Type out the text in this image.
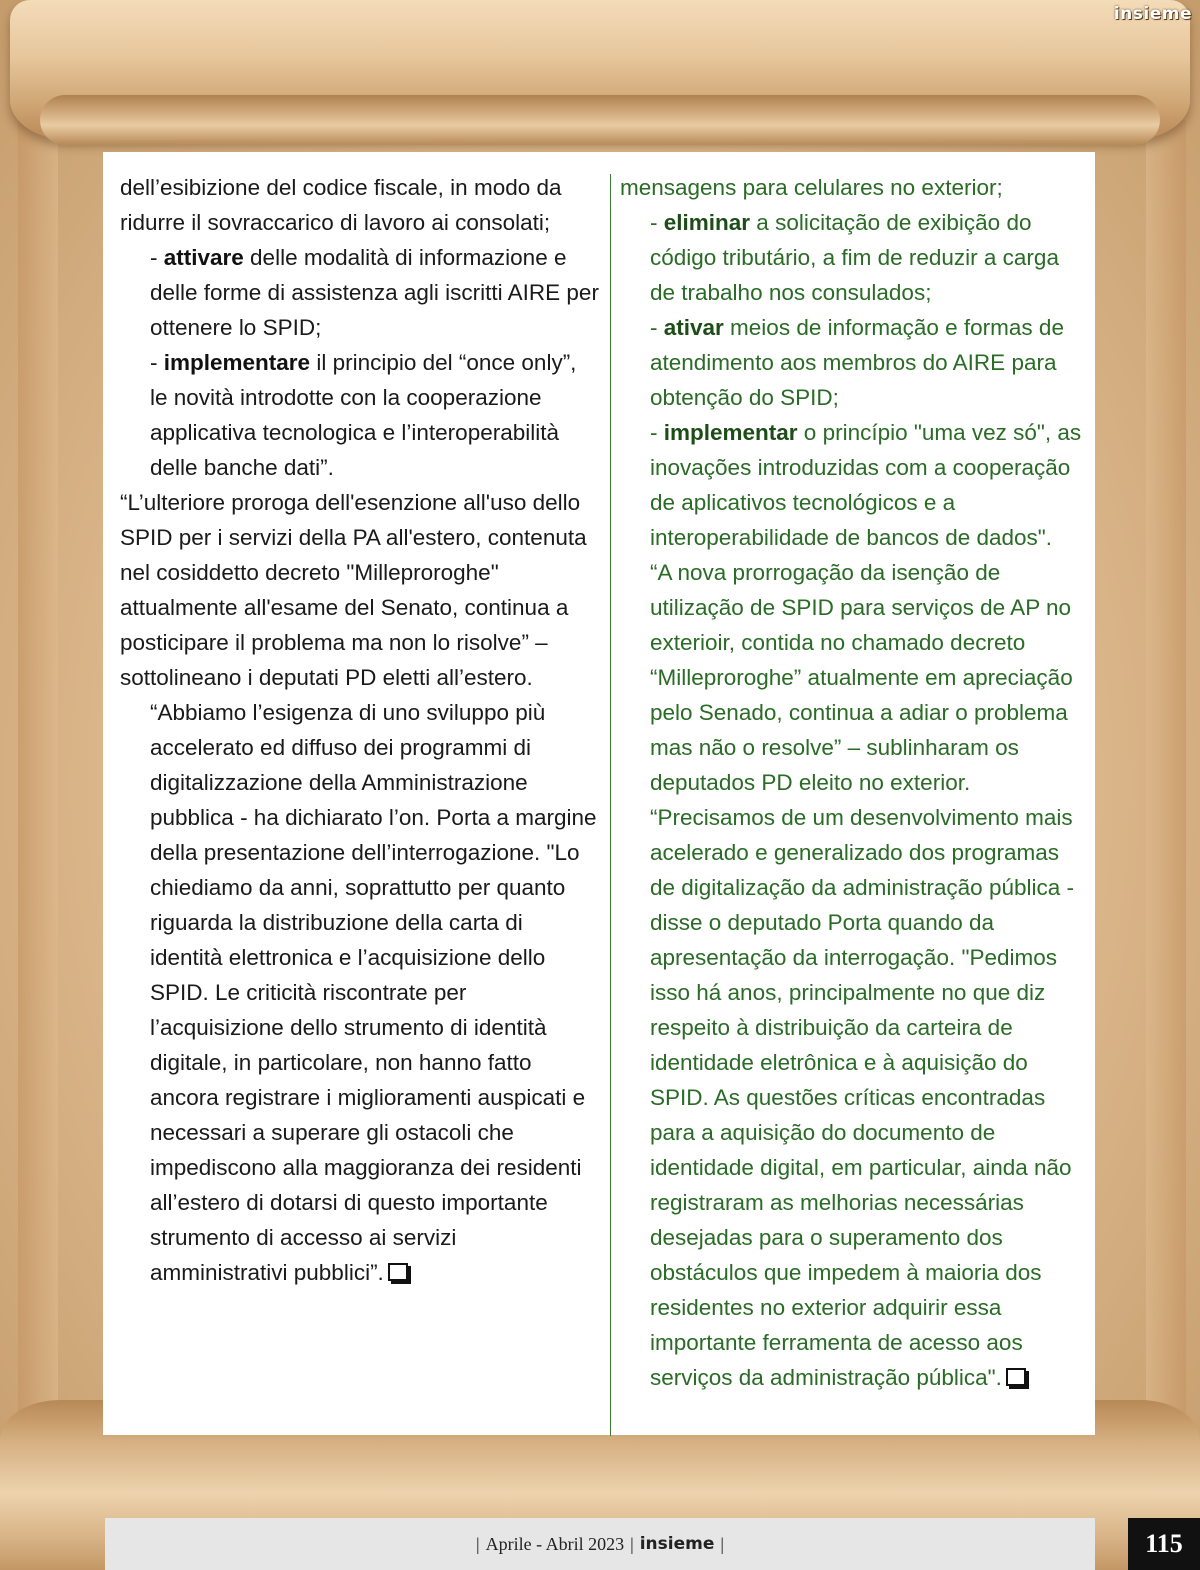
insieme

dell’esibizione del codice fiscale, in modo da ridurre il sovraccarico di lavoro ai consolati;

- attivare delle modalità di informazione e delle forme di assistenza agli iscritti AIRE per ottenere lo SPID;

- implementare il principio del “once only”, le novità introdotte con la cooperazione applicativa tecnologica e l’interoperabilità delle banche dati”.

“L’ulteriore proroga dell'esenzione all'uso dello SPID per i servizi della PA all'estero, contenuta nel cosiddetto decreto "Milleproroghe" attualmente all'esame del Senato, continua a posticipare il problema ma non lo risolve” – sottolineano i deputati PD eletti all’estero.

“Abbiamo l’esigenza di uno sviluppo più accelerato ed diffuso dei programmi di digitalizzazione della Amministrazione pubblica - ha dichiarato l’on. Porta a margine della presentazione dell’interrogazione. "Lo chiediamo da anni, soprattutto per quanto riguarda la distribuzione della carta di identità elettronica e l’acquisizione dello SPID. Le criticità riscontrate per l’acquisizione dello strumento di identità digitale, in particolare, non hanno fatto ancora registrare i miglioramenti auspicati e necessari a superare gli ostacoli che impediscono alla maggioranza dei residenti all’estero di dotarsi di questo importante strumento di accesso ai servizi amministrativi pubblici”.

mensagens para celulares no exterior;

- eliminar a solicitação de exibição do código tributário, a fim de reduzir a carga de trabalho nos consulados;

- ativar meios de informação e formas de atendimento aos membros do AIRE para obtenção do SPID;

- implementar o princípio "uma vez só", as inovações introduzidas com a cooperação de aplicativos tecnológicos e a interoperabilidade de bancos de dados".

“A nova prorrogação da isenção de utilização de SPID para serviços de AP no exterioir, contida no chamado decreto “Milleproroghe” atualmente em apreciação pelo Senado, continua a adiar o problema mas não o resolve” – sublinharam os deputados PD eleito no exterior.

“Precisamos de um desenvolvimento mais acelerado e generalizado dos programas de digitalização da administração pública - disse o deputado Porta quando da apresentação da interrogação. "Pedimos isso há anos, principalmente no que diz respeito à distribuição da carteira de identidade eletrônica e à aquisição do SPID. As questões críticas encontradas para a aquisição do documento de identidade digital, em particular, ainda não registraram as melhorias necessárias desejadas para o superamento dos obstáculos que impedem à maioria dos residentes no exterior adquirir essa importante ferramenta de acesso aos serviços da administração pública".

| Aprile - Abril 2023 | insieme |	115
